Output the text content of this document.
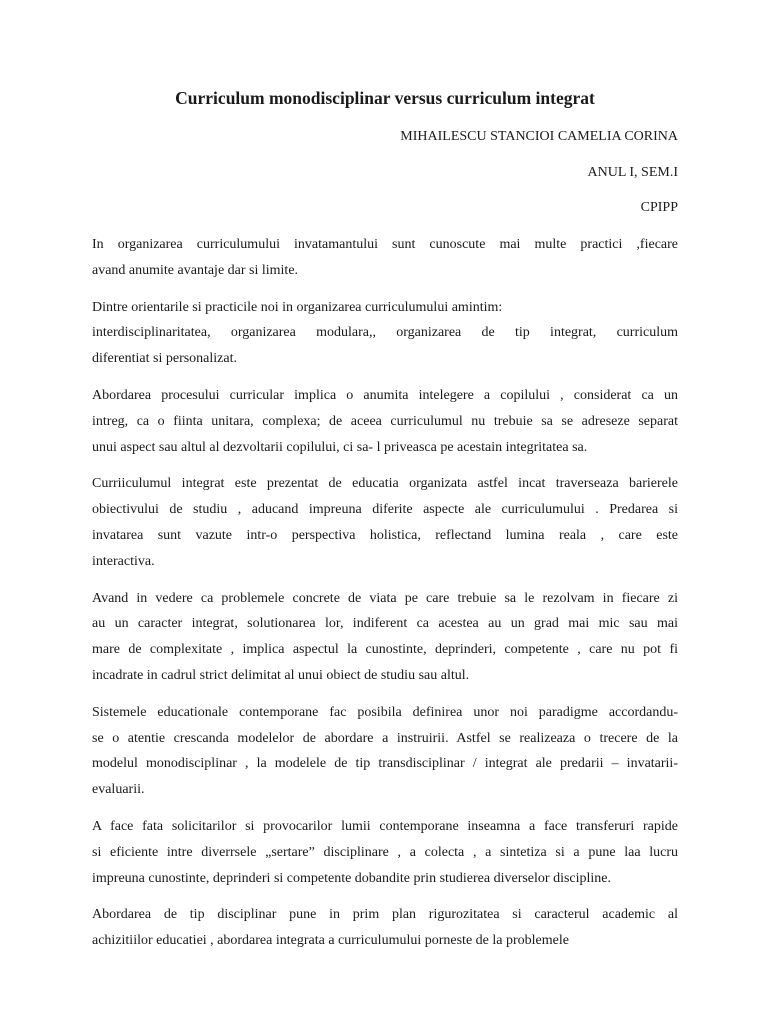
Curriculum monodisciplinar versus curriculum integrat

MIHAILESCU STANCIOI CAMELIA CORINA

ANUL I, SEM.I

CPIPP

In organizarea curriculumului invatamantului sunt cunoscute mai multe practici ,fiecare
avand anumite avantaje dar si limite.

Dintre orientarile si practicile noi in organizarea curriculumului amintim:
interdisciplinaritatea, organizarea modulara,, organizarea de tip integrat, curriculum
diferentiat si personalizat.

Abordarea procesului curricular implica o anumita intelegere a copilului , considerat ca un
intreg, ca o fiinta unitara, complexa; de aceea curriculumul nu trebuie sa se adreseze separat
unui aspect sau altul al dezvoltarii copilului, ci sa- l priveasca pe acestain integritatea sa.

Curriiculumul integrat este prezentat de educatia organizata astfel incat traverseaza barierele
obiectivului de studiu , aducand impreuna diferite aspecte ale curriculumului . Predarea si
invatarea sunt vazute intr-o perspectiva holistica, reflectand lumina reala , care este
interactiva.

Avand in vedere ca problemele concrete de viata pe care trebuie sa le rezolvam in fiecare zi
au un caracter integrat, solutionarea lor, indiferent ca acestea au un grad mai mic sau mai
mare de complexitate , implica aspectul la cunostinte, deprinderi, competente , care nu pot fi
incadrate in cadrul strict delimitat al unui obiect de studiu sau altul.

Sistemele educationale contemporane fac posibila definirea unor noi paradigme accordandu-
se o atentie crescanda modelelor de abordare a instruirii. Astfel se realizeaza o trecere de la
modelul monodisciplinar , la modelele de tip transdisciplinar / integrat ale predarii – invatarii-
evaluarii.

A face fata solicitarilor si provocarilor lumii contemporane inseamna a face transferuri rapide
si eficiente intre diverrsele „sertare” disciplinare , a colecta , a sintetiza si a pune laa lucru
impreuna cunostinte, deprinderi si competente dobandite prin studierea diverselor discipline.

Abordarea de tip disciplinar pune in prim plan rigurozitatea si caracterul academic al
achizitiilor educatiei , abordarea integrata a curriculumului porneste de la problemele
